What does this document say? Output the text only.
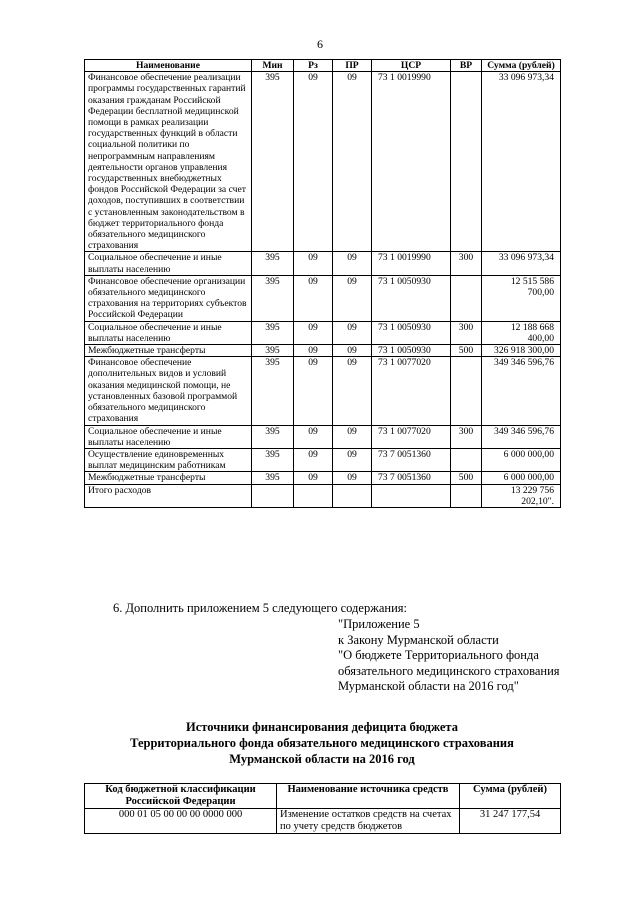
6
Наименование	Мин	Рз	ПР	ЦСР	ВР	Сумма (рублей)
Финансовое обеспечение реализации программы государственных гарантий оказания гражданам Российской Федерации бесплатной медицинской помощи в рамках реализации государственных функций в области социальной политики по непрограммным направлениям деятельности органов управления государственных внебюджетных фондов Российской Федерации за счет доходов, поступивших в соответствии с установленным законодательством в бюджет территориального фонда обязательного медицинского страхования	395	09	09	73 1 0019990		33 096 973,34
Социальное обеспечение и иные выплаты населению	395	09	09	73 1 0019990	300	33 096 973,34
Финансовое обеспечение организации обязательного медицинского страхования на территориях субъектов Российской Федерации	395	09	09	73 1 0050930		12 515 586 700,00
Социальное обеспечение и иные выплаты населению	395	09	09	73 1 0050930	300	12 188 668 400,00
Межбюджетные трансферты	395	09	09	73 1 0050930	500	326 918 300,00
Финансовое обеспечение дополнительных видов и условий оказания медицинской помощи, не установленных базовой программой обязательного медицинского страхования	395	09	09	73 1 0077020		349 346 596,76
Социальное обеспечение и иные выплаты населению	395	09	09	73 1 0077020	300	349 346 596,76
Осуществление единовременных выплат медицинским работникам	395	09	09	73 7 0051360		6 000 000,00
Межбюджетные трансферты	395	09	09	73 7 0051360	500	6 000 000,00
Итого расходов						13 229 756 202,10".
6. Дополнить приложением 5 следующего содержания:
"Приложение 5
к Закону Мурманской области
"О бюджете Территориального фонда
обязательного медицинского страхования
Мурманской области на 2016 год"
Источники финансирования дефицита бюджета
Территориального фонда обязательного медицинского страхования
Мурманской области на 2016 год
Код бюджетной классификации Российской Федерации	Наименование источника средств	Сумма (рублей)
000 01 05 00 00 00 0000 000	Изменение остатков средств на счетах по учету средств бюджетов	31 247 177,54
